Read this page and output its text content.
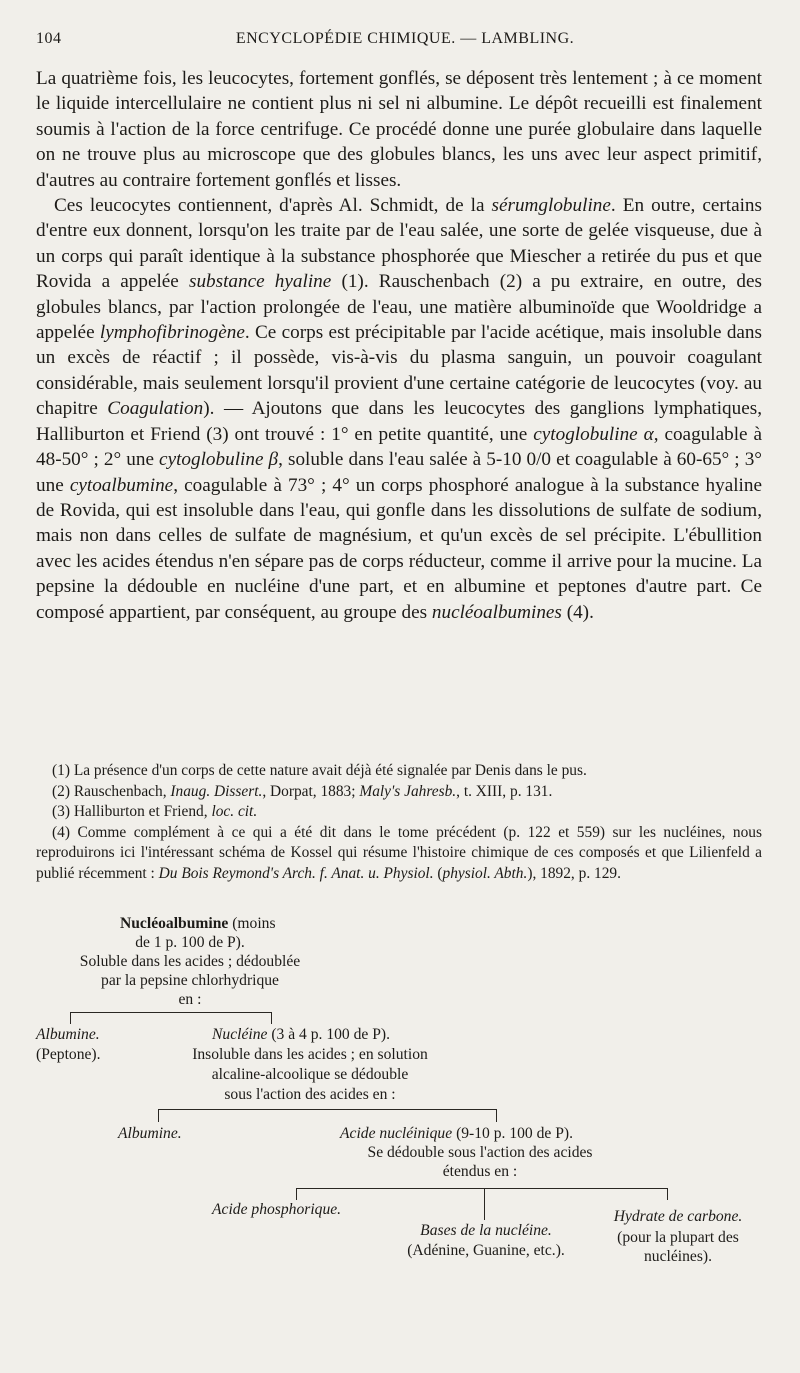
104	ENCYCLOPÉDIE CHIMIQUE. — LAMBLING.

La quatrième fois, les leucocytes, fortement gonflés, se déposent très lentement ; à ce moment le liquide intercellulaire ne contient plus ni sel ni albumine. Le dépôt recueilli est finalement soumis à l'action de la force centrifuge. Ce procédé donne une purée globulaire dans laquelle on ne trouve plus au microscope que des globules blancs, les uns avec leur aspect primitif, d'autres au contraire fortement gonflés et lisses.

Ces leucocytes contiennent, d'après Al. Schmidt, de la sérumglobuline. En outre, certains d'entre eux donnent, lorsqu'on les traite par de l'eau salée, une sorte de gelée visqueuse, due à un corps qui paraît identique à la substance phosphorée que Miescher a retirée du pus et que Rovida a appelée substance hyaline (1). Rauschenbach (2) a pu extraire, en outre, des globules blancs, par l'action prolongée de l'eau, une matière albuminoïde que Wooldridge a appelée lymphofibrinogène. Ce corps est précipitable par l'acide acétique, mais insoluble dans un excès de réactif ; il possède, vis-à-vis du plasma sanguin, un pouvoir coagulant considérable, mais seulement lorsqu'il provient d'une certaine catégorie de leucocytes (voy. au chapitre Coagulation). — Ajoutons que dans les leucocytes des ganglions lymphatiques, Halliburton et Friend (3) ont trouvé : 1° en petite quantité, une cytoglobuline α, coagulable à 48-50° ; 2° une cytoglobuline β, soluble dans l'eau salée à 5-10 0/0 et coagulable à 60-65° ; 3° une cytoalbumine, coagulable à 73° ; 4° un corps phosphoré analogue à la substance hyaline de Rovida, qui est insoluble dans l'eau, qui gonfle dans les dissolutions de sulfate de sodium, mais non dans celles de sulfate de magnésium, et qu'un excès de sel précipite. L'ébullition avec les acides étendus n'en sépare pas de corps réducteur, comme il arrive pour la mucine. La pepsine la dédouble en nucléine d'une part, et en albumine et peptones d'autre part. Ce composé appartient, par conséquent, au groupe des nucléoalbumines (4).

(1) La présence d'un corps de cette nature avait déjà été signalée par Denis dans le pus.

(2) Rauschenbach, Inaug. Dissert., Dorpat, 1883; Maly's Jahresb., t. XIII, p. 131.

(3) Halliburton et Friend, loc. cit.

(4) Comme complément à ce qui a été dit dans le tome précédent (p. 122 et 559) sur les nucléines, nous reproduirons ici l'intéressant schéma de Kossel qui résume l'histoire chimique de ces composés et que Lilienfeld a publié récemment : Du Bois Reymond's Arch. f. Anat. u. Physiol. (physiol. Abth.), 1892, p. 129.

Nucléoalbumine (moins
de 1 p. 100 de P).
Soluble dans les acides ; dédoublée
par la pepsine chlorhydrique
en :
Albumine.
(Peptone).
Nucléine (3 à 4 p. 100 de P).
Insoluble dans les acides ; en solution
alcaline-alcoolique se dédouble
sous l'action des acides en :
Albumine.	Acide nucléinique (9-10 p. 100 de P).
Se dédouble sous l'action des acides
étendus en :
Acide phosphorique.
Bases de la nucléine.
(Adénine, Guanine, etc.).
Hydrate de carbone.
(pour la plupart des
nucléines).
